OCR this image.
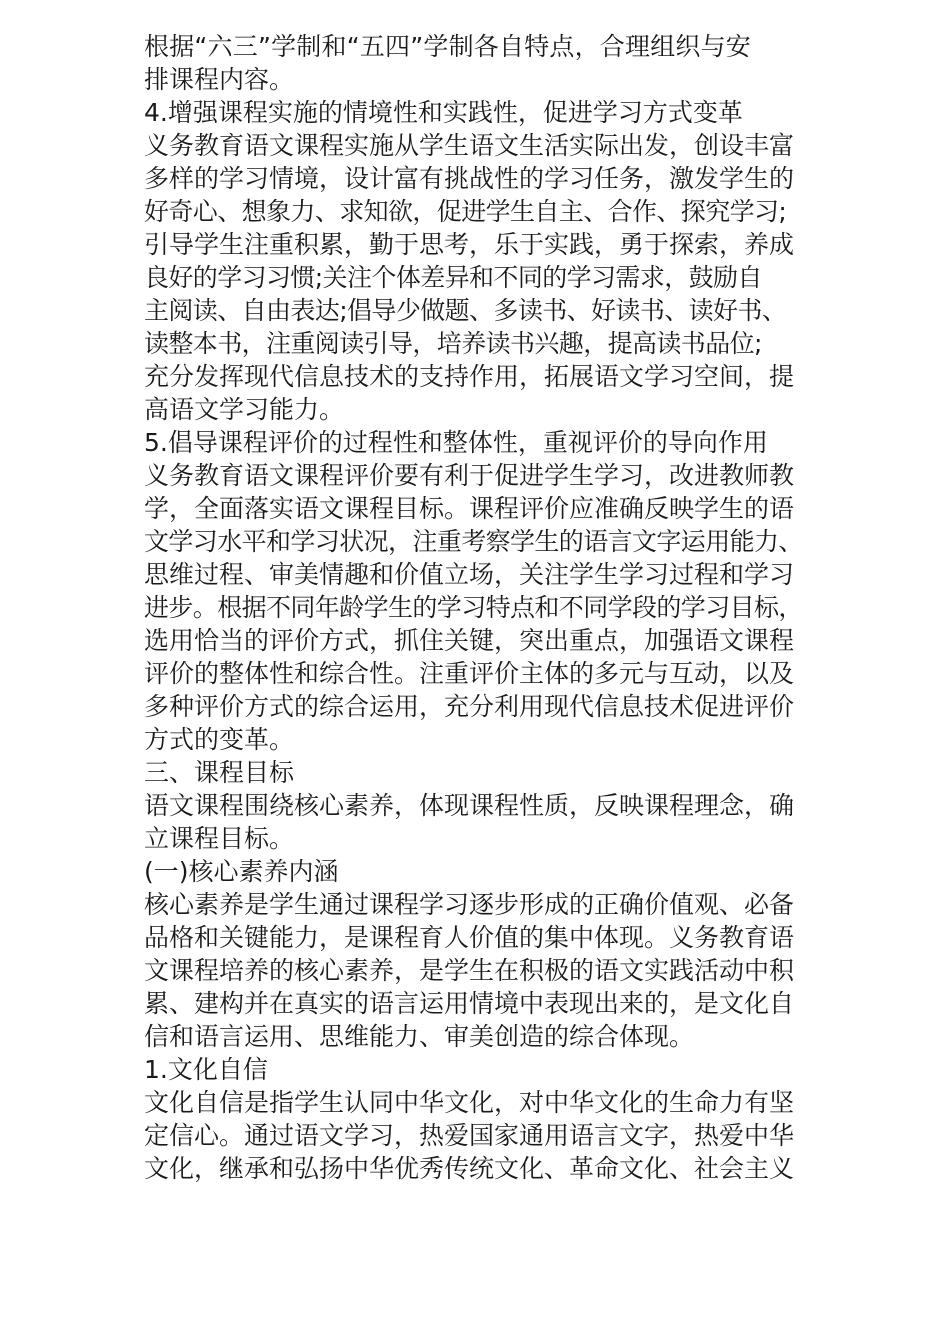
根据“六三”学制和“五四”学制各自特点，合理组织与安
排课程内容。
4.增强课程实施的情境性和实践性，促进学习方式变革
义务教育语文课程实施从学生语文生活实际出发，创设丰富
多样的学习情境，设计富有挑战性的学习任务，激发学生的
好奇心、想象力、求知欲，促进学生自主、合作、探究学习;
引导学生注重积累，勤于思考，乐于实践，勇于探索，养成
良好的学习习惯;关注个体差异和不同的学习需求，鼓励自
主阅读、自由表达;倡导少做题、多读书、好读书、读好书、
读整本书，注重阅读引导，培养读书兴趣，提高读书品位;
充分发挥现代信息技术的支持作用，拓展语文学习空间，提
高语文学习能力。
5.倡导课程评价的过程性和整体性，重视评价的导向作用
义务教育语文课程评价要有利于促进学生学习，改进教师教
学，全面落实语文课程目标。课程评价应准确反映学生的语
文学习水平和学习状况，注重考察学生的语言文字运用能力、
思维过程、审美情趣和价值立场，关注学生学习过程和学习
进步。根据不同年龄学生的学习特点和不同学段的学习目标，
选用恰当的评价方式，抓住关键，突出重点，加强语文课程
评价的整体性和综合性。注重评价主体的多元与互动，以及
多种评价方式的综合运用，充分利用现代信息技术促进评价
方式的变革。
三、课程目标
语文课程围绕核心素养，体现课程性质，反映课程理念，确
立课程目标。
(一)核心素养内涵
核心素养是学生通过课程学习逐步形成的正确价值观、必备
品格和关键能力，是课程育人价值的集中体现。义务教育语
文课程培养的核心素养，是学生在积极的语文实践活动中积
累、建构并在真实的语言运用情境中表现出来的，是文化自
信和语言运用、思维能力、审美创造的综合体现。
1.文化自信
文化自信是指学生认同中华文化，对中华文化的生命力有坚
定信心。通过语文学习，热爱国家通用语言文字，热爱中华
文化，继承和弘扬中华优秀传统文化、革命文化、社会主义
